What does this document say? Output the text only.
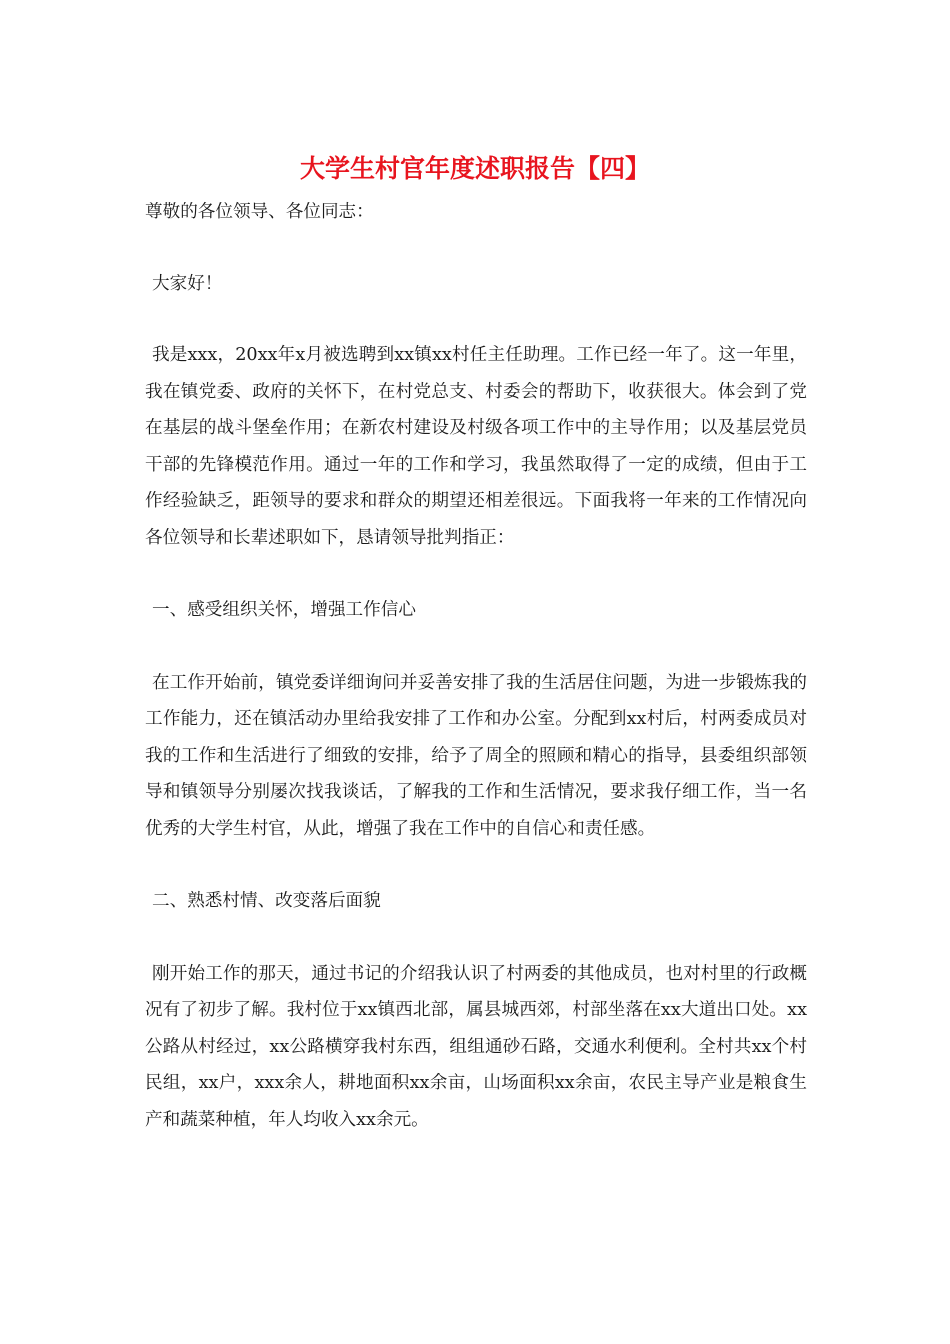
大学生村官年度述职报告【四】

尊敬的各位领导、各位同志：

大家好！

我是xxx，20xx年x月被选聘到xx镇xx村任主任助理。工作已经一年了。这一年里，我在镇党委、政府的关怀下，在村党总支、村委会的帮助下，收获很大。体会到了党在基层的战斗堡垒作用；在新农村建设及村级各项工作中的主导作用；以及基层党员干部的先锋模范作用。通过一年的工作和学习，我虽然取得了一定的成绩，但由于工作经验缺乏，距领导的要求和群众的期望还相差很远。下面我将一年来的工作情况向各位领导和长辈述职如下，恳请领导批判指正：

一、感受组织关怀，增强工作信心

在工作开始前，镇党委详细询问并妥善安排了我的生活居住问题，为进一步锻炼我的工作能力，还在镇活动办里给我安排了工作和办公室。分配到xx村后，村两委成员对我的工作和生活进行了细致的安排，给予了周全的照顾和精心的指导，县委组织部领导和镇领导分别屡次找我谈话，了解我的工作和生活情况，要求我仔细工作，当一名优秀的大学生村官，从此，增强了我在工作中的自信心和责任感。

二、熟悉村情、改变落后面貌

刚开始工作的那天，通过书记的介绍我认识了村两委的其他成员，也对村里的行政概况有了初步了解。我村位于xx镇西北部，属县城西郊，村部坐落在xx大道出口处。xx公路从村经过，xx公路横穿我村东西，组组通砂石路，交通水利便利。全村共xx个村民组，xx户，xxx余人，耕地面积xx余亩，山场面积xx余亩，农民主导产业是粮食生产和蔬菜种植，年人均收入xx余元。
